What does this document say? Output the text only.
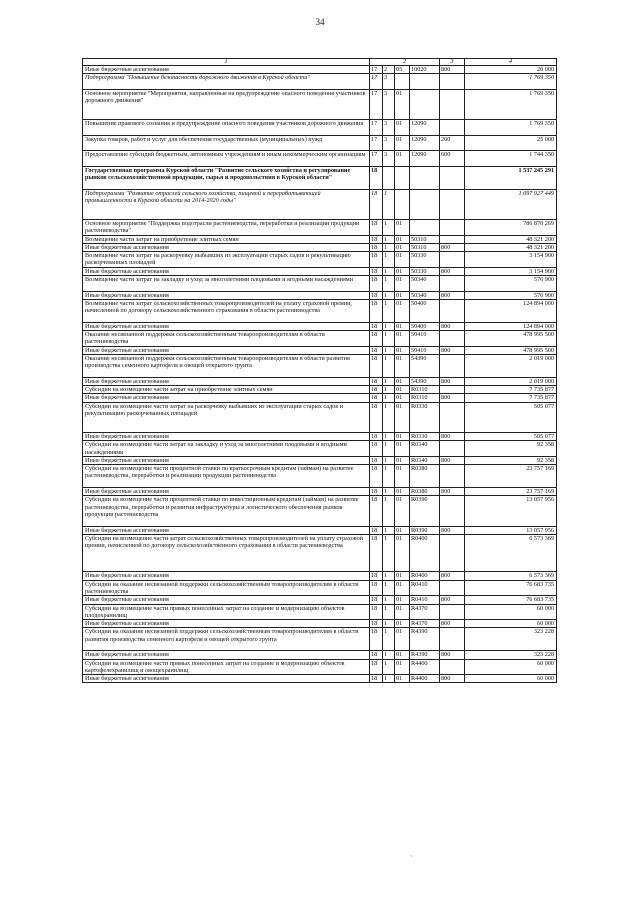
34
1	2				3	4
Иные бюджетные ассигнования	17	2	05	10020	800	20 000
Подпрограмма "Повышение безопасности дорожного движения в Курской области"	17	3				1 769 350
Основное мероприятие "Мероприятия, направленные на предупреждение опасного поведения участников дорожного движения"	17	3	01			1 769 350
Повышение правового сознания и предупреждение опасного поведения участников дорожного движения	17	3	01	12090		1 769 350
Закупка товаров, работ и услуг для обеспечения государственных (муниципальных) нужд	17	3	01	12090	200	25 000
Предоставление субсидий бюджетным, автономным учреждениям и иным некоммерческим организациям	17	3	01	12090	600	1 744 350
Государственная программа Курской области "Развитие сельского хозяйства и регулирование рынков сельскохозяйственной продукции, сырья и продовольствия в Курской области"	18					1 537 245 291
Подпрограмма "Развитие отраслей сельского хозяйства, пищевой и перерабатывающей промышленности в Курской области на 2014-2020 годы"	18	1				1 097 927 449
Основное мероприятие "Поддержка подотрасли растениеводства, переработки и реализации продукции растениеводства"	18	1	01			786 870 269
Возмещение части затрат на приобретение элитных семян	18	1	01	50310		48 321 200
Иные бюджетные ассигнования	18	1	01	50310	800	48 321 200
Возмещение части затрат на раскорчевку выбывших из эксплуатации старых садов и рекультивацию раскорчеванных площадей	18	1	01	50330		3 154 900
Иные бюджетные ассигнования	18	1	01	50330	800	3 154 900
Возмещение части затрат на закладку и уход за многолетними плодовыми и ягодными насаждениями	18	1	01	50340		576 900
Иные бюджетные ассигнования	18	1	01	50340	800	576 900
Возмещение части затрат сельскохозяйственных товаропроизводителей на уплату страховой премии, начисленной по договору сельскохозяйственного страхования в области растениеводства	18	1	01	50400		124 894 000
Иные бюджетные ассигнования	18	1	01	50400	800	124 894 000
Оказание несвязанной поддержки сельскохозяйственным товаропроизводителям в области растениеводства	18	1	01	50410		478 995 500
Иные бюджетные ассигнования	18	1	01	50410	800	478 995 500
Оказание несвязанной поддержки сельскохозяйственным товаропроизводителям в области развития производства семенного картофеля и овощей открытого грунта	18	1	01	54390		2 019 000
Иные бюджетные ассигнования	18	1	01	54390	800	2 019 000
Субсидии на возмещение части затрат на приобретение элитных семян	18	1	01	R0310		7 735 877
Иные бюджетные ассигнования	18	1	01	R0310	800	7 735 877
Субсидии на возмещение части затрат на раскорчевку выбывших из эксплуатации старых садов и рекультивацию раскорчеванных площадей	18	1	01	R0330		505 077
Иные бюджетные ассигнования	18	1	01	R0330	800	505 077
Субсидии на возмещение части затрат на закладку и уход за многолетними плодовыми и ягодными насаждениями	18	1	01	R0340		92 358
Иные бюджетные ассигнования	18	1	01	R0340	800	92 358
Субсидии на возмещение части процентной ставки по краткосрочным кредитам (займам) на развитие растениеводства, переработки и реализации продукции растениеводства	18	1	01	R0380		23 757 169
Иные бюджетные ассигнования	18	1	01	R0380	800	23 757 169
Субсидии на возмещение части процентной ставки по инвестиционным кредитам (займам) на развитие растениеводства, переработки и развития инфраструктуры и логистического обеспечения рынков продукции растениеводства	18	1	01	R0390		13 057 956
Иные бюджетные ассигнования	18	1	01	R0390	800	13 057 956
Субсидии на возмещение части затрат сельскохозяйственных товаропроизводителей на уплату страховой премии, начисленной по договору сельскохозяйственного страхования в области растениеводства	18	1	01	R0400		6 573 369
Иные бюджетные ассигнования	18	1	01	R0400	800	6 573 369
Субсидии на оказание несвязанной поддержки сельскохозяйственным товаропроизводителям в области растениеводства	18	1	01	R0410		76 683 735
Иные бюджетные ассигнования	18	1	01	R0410	800	76 683 735
Субсидии на возмещение части прямых понесенных затрат на создание и модернизацию объектов плодохранилищ	18	1	01	R4370		60 000
Иные бюджетные ассигнования	18	1	01	R4370	800	60 000
Субсидии на оказание несвязанной поддержки сельскохозяйственным товаропроизводителям в области развития производства семенного картофеля и овощей открытого грунта	18	1	01	R4390		323 228
Иные бюджетные ассигнования	18	1	01	R4390	800	323 228
Субсидии на возмещение части прямых понесенных затрат на создание и модернизацию объектов картофелехранилищ и овощехранилищ	18	1	01	R4400		60 000
Иные бюджетные ассигнования	18	1	01	R4400	800	60 000
·
